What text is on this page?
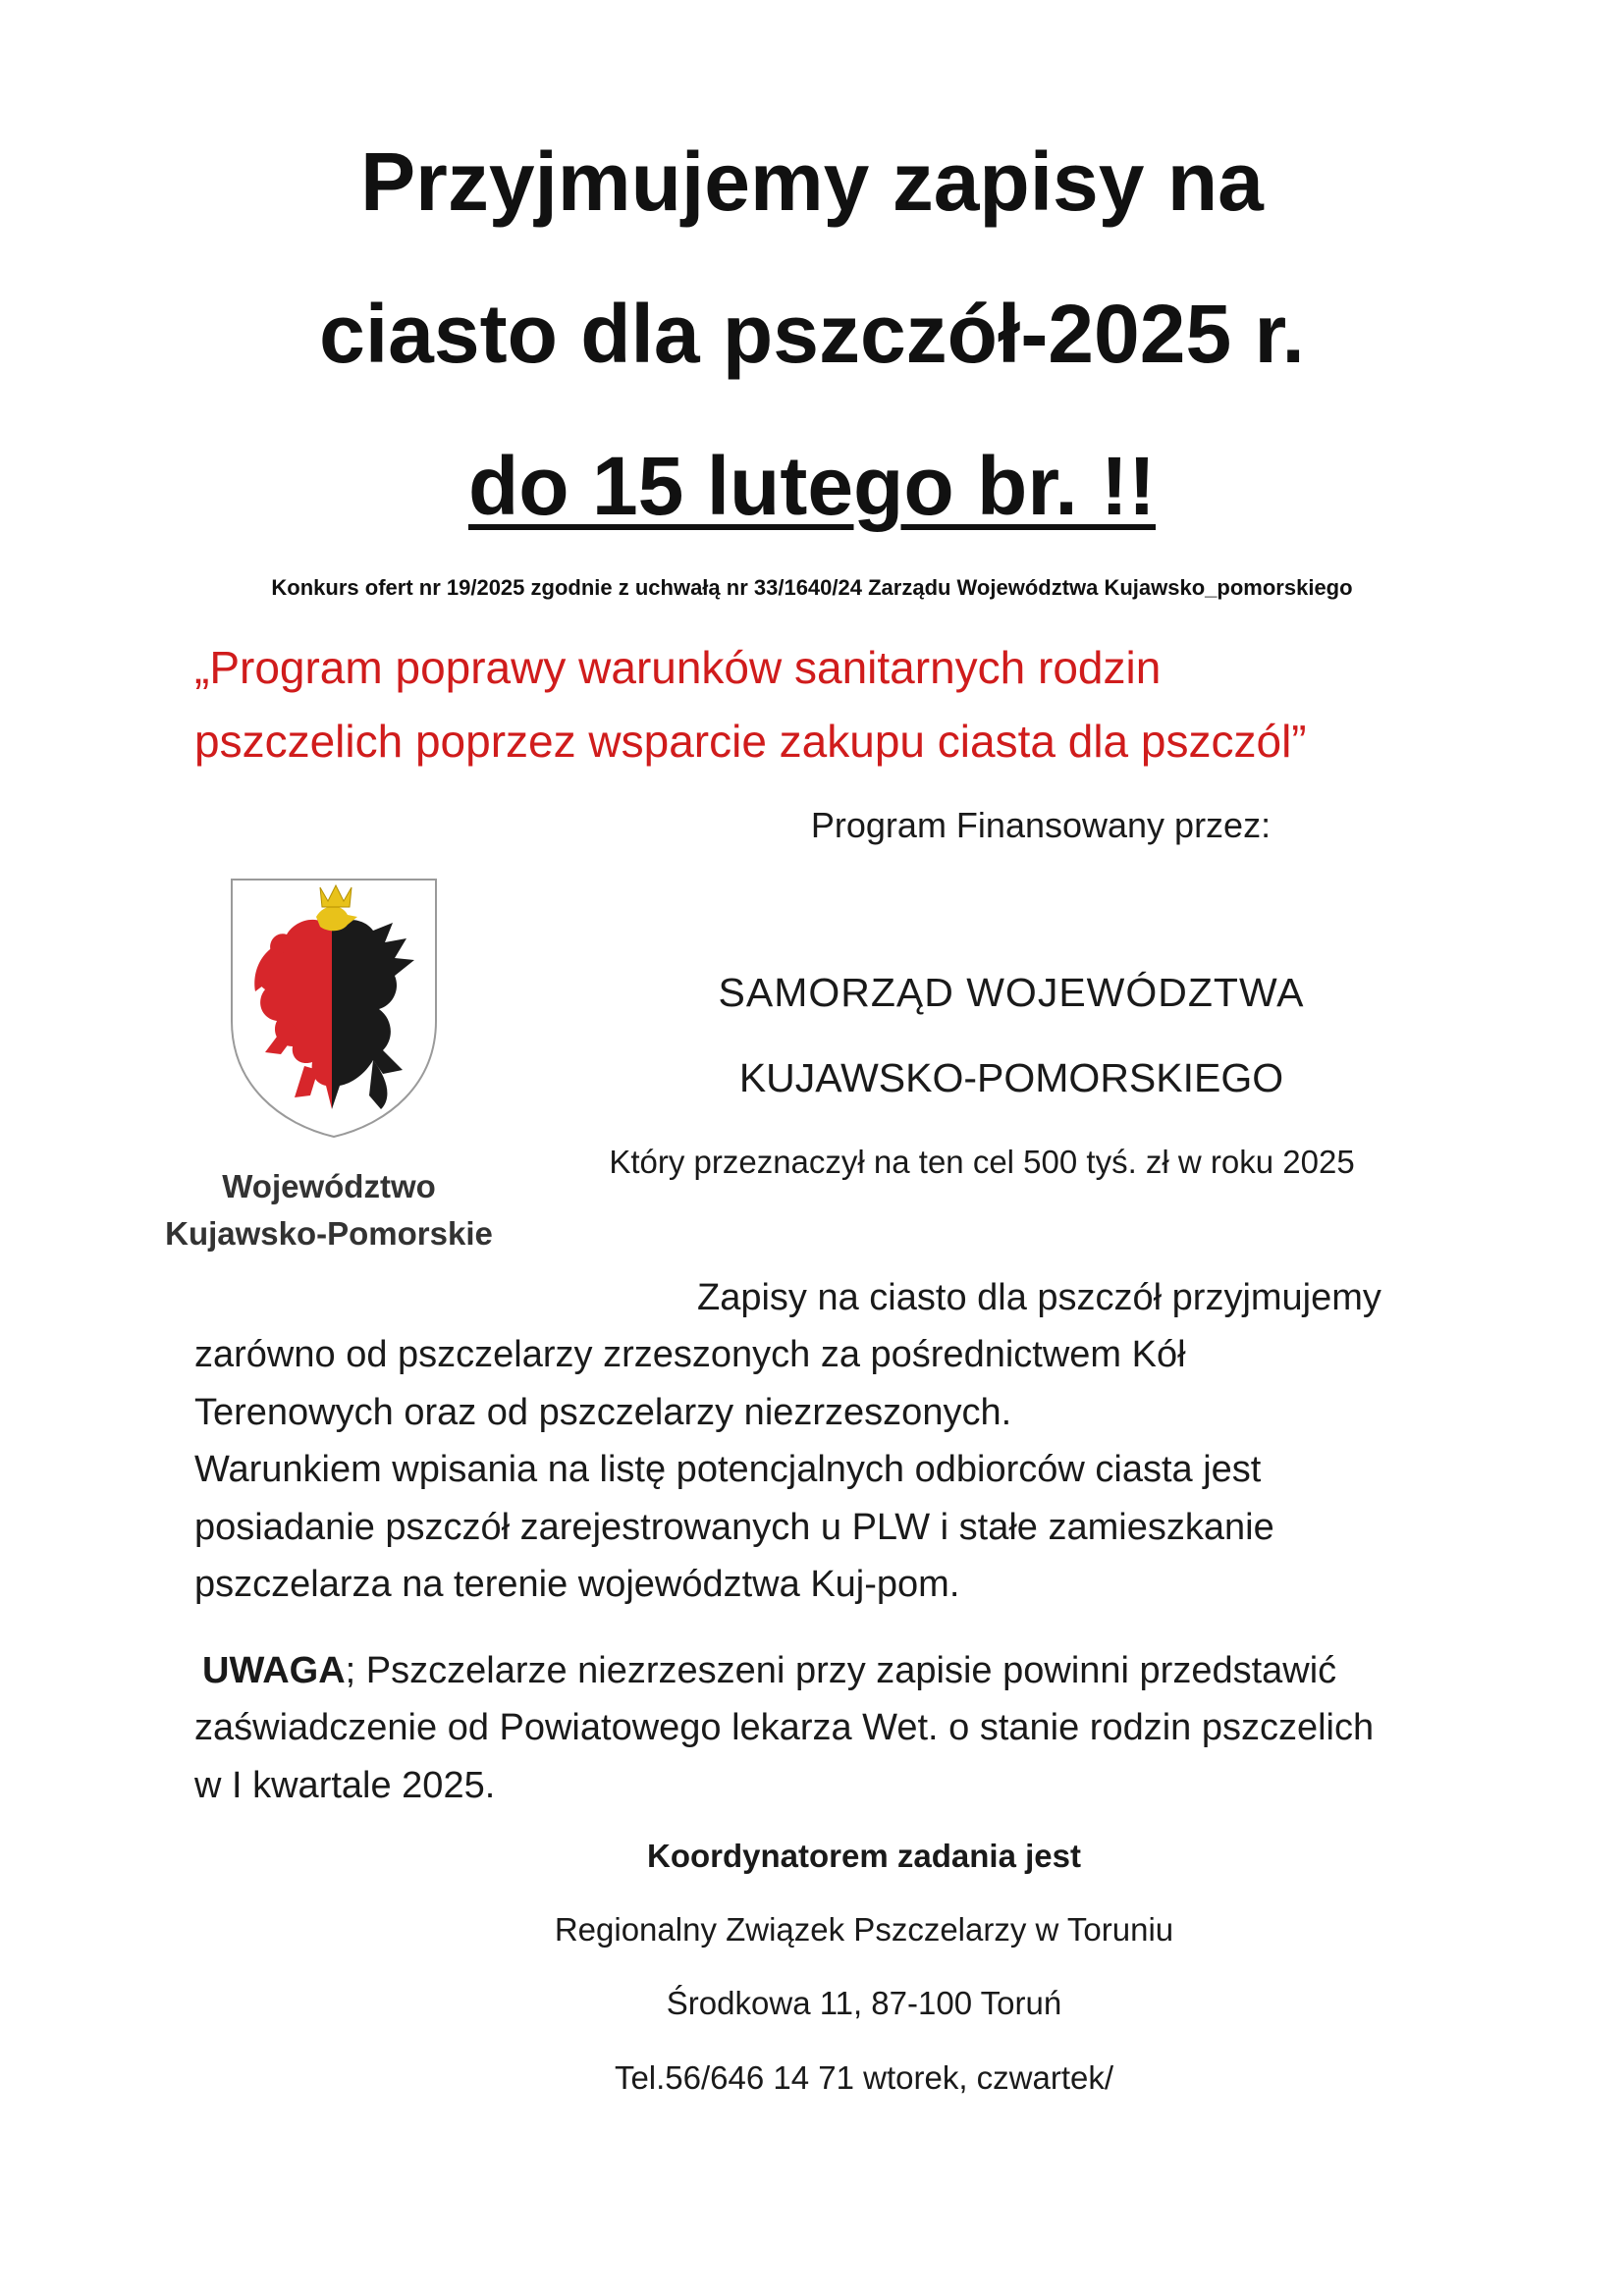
Przyjmujemy zapisy na
ciasto dla pszczół-2025 r.
do 15 lutego br. !!
Konkurs ofert nr 19/2025 zgodnie z uchwałą nr 33/1640/24 Zarządu Województwa Kujawsko_pomorskiego
„Program poprawy warunków sanitarnych rodzin
pszczelich poprzez wsparcie zakupu ciasta dla pszczól”
Województwo
Kujawsko-Pomorskie
Program Finansowany przez:
SAMORZĄD WOJEWÓDZTWA
KUJAWSKO-POMORSKIEGO
Który przeznaczył na ten cel 500 tyś. zł w roku 2025
Zapisy na ciasto dla pszczół przyjmujemy
zarówno od pszczelarzy zrzeszonych za pośrednictwem Kół
Terenowych oraz od pszczelarzy niezrzeszonych.
Warunkiem wpisania na listę potencjalnych odbiorców ciasta jest
posiadanie pszczół zarejestrowanych u PLW i stałe zamieszkanie
pszczelarza na terenie województwa Kuj-pom.
UWAGA; Pszczelarze niezrzeszeni przy zapisie powinni przedstawić
zaświadczenie od Powiatowego lekarza Wet. o stanie rodzin pszczelich
w I kwartale 2025.
Koordynatorem zadania jest
Regionalny Związek Pszczelarzy w Toruniu
Środkowa 11, 87-100 Toruń
Tel.56/646 14 71 wtorek, czwartek/
